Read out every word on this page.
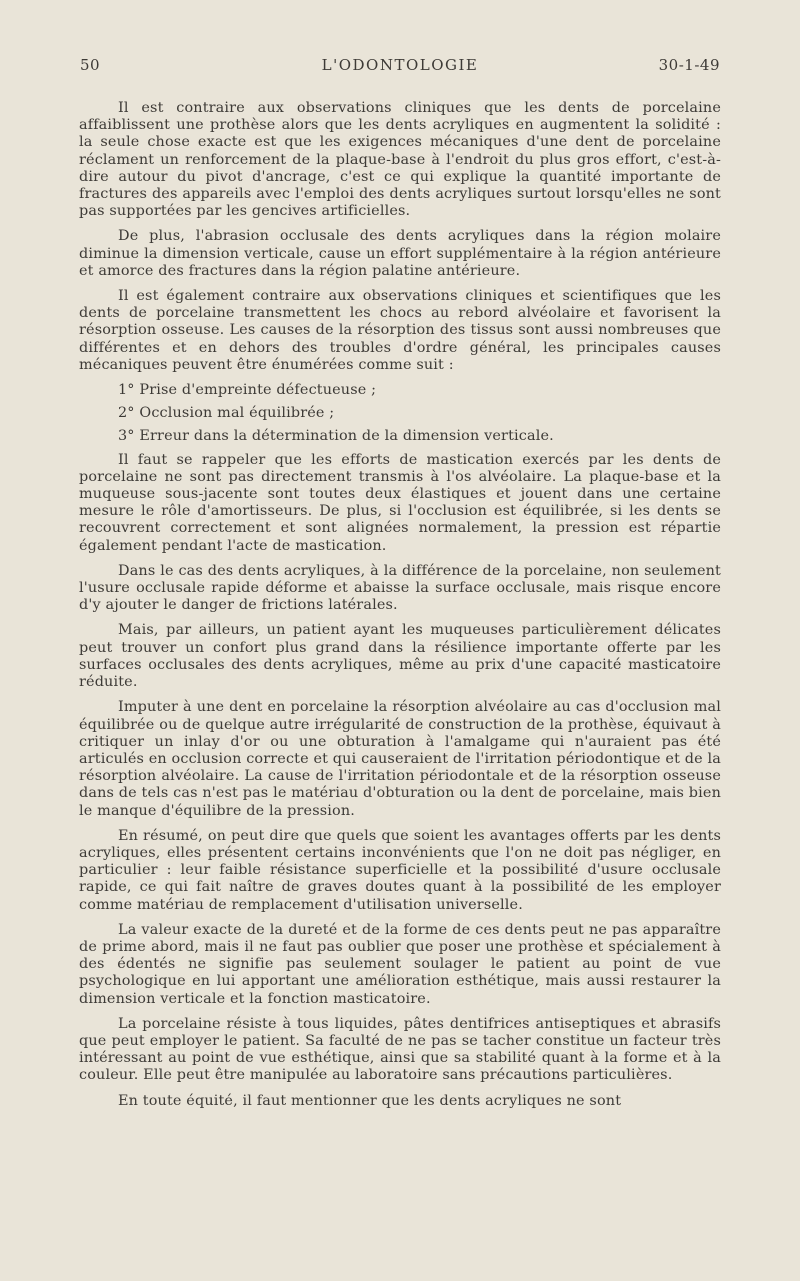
50	L'ODONTOLOGIE	30-1-49

Il est contraire aux observations cliniques que les dents de porcelaine affaiblissent une prothèse alors que les dents acryliques en augmentent la solidité : la seule chose exacte est que les exigences mécaniques d'une dent de porcelaine réclament un renforcement de la plaque-base à l'endroit du plus gros effort, c'est-à-dire autour du pivot d'ancrage, c'est ce qui explique la quantité importante de fractures des appareils avec l'emploi des dents acryliques surtout lorsqu'elles ne sont pas supportées par les gencives artificielles.

De plus, l'abrasion occlusale des dents acryliques dans la région molaire diminue la dimension verticale, cause un effort supplémentaire à la région antérieure et amorce des fractures dans la région palatine antérieure.

Il est également contraire aux observations cliniques et scientifiques que les dents de porcelaine transmettent les chocs au rebord alvéolaire et favorisent la résorption osseuse. Les causes de la résorption des tissus sont aussi nombreuses que différentes et en dehors des troubles d'ordre général, les principales causes mécaniques peuvent être énumérées comme suit :

1° Prise d'empreinte défectueuse ;

2° Occlusion mal équilibrée ;

3° Erreur dans la détermination de la dimension verticale.

Il faut se rappeler que les efforts de mastication exercés par les dents de porcelaine ne sont pas directement transmis à l'os alvéolaire. La plaque-base et la muqueuse sous-jacente sont toutes deux élastiques et jouent dans une certaine mesure le rôle d'amortisseurs. De plus, si l'occlusion est équilibrée, si les dents se recouvrent correctement et sont alignées normalement, la pression est répartie également pendant l'acte de mastication.

Dans le cas des dents acryliques, à la différence de la porcelaine, non seulement l'usure occlusale rapide déforme et abaisse la surface occlusale, mais risque encore d'y ajouter le danger de frictions latérales.

Mais, par ailleurs, un patient ayant les muqueuses particulièrement délicates peut trouver un confort plus grand dans la résilience importante offerte par les surfaces occlusales des dents acryliques, même au prix d'une capacité masticatoire réduite.

Imputer à une dent en porcelaine la résorption alvéolaire au cas d'occlusion mal équilibrée ou de quelque autre irrégularité de construction de la prothèse, équivaut à critiquer un inlay d'or ou une obturation à l'amalgame qui n'auraient pas été articulés en occlusion correcte et qui causeraient de l'irritation périodontique et de la résorption alvéolaire. La cause de l'irritation périodontale et de la résorption osseuse dans de tels cas n'est pas le matériau d'obturation ou la dent de porcelaine, mais bien le manque d'équilibre de la pression.

En résumé, on peut dire que quels que soient les avantages offerts par les dents acryliques, elles présentent certains inconvénients que l'on ne doit pas négliger, en particulier : leur faible résistance superficielle et la possibilité d'usure occlusale rapide, ce qui fait naître de graves doutes quant à la possibilité de les employer comme matériau de remplacement d'utilisation universelle.

La valeur exacte de la dureté et de la forme de ces dents peut ne pas apparaître de prime abord, mais il ne faut pas oublier que poser une prothèse et spécialement à des édentés ne signifie pas seulement soulager le patient au point de vue psychologique en lui apportant une amélioration esthétique, mais aussi restaurer la dimension verticale et la fonction masticatoire.

La porcelaine résiste à tous liquides, pâtes dentifrices antiseptiques et abrasifs que peut employer le patient. Sa faculté de ne pas se tacher constitue un facteur très intéressant au point de vue esthétique, ainsi que sa stabilité quant à la forme et à la couleur. Elle peut être manipulée au laboratoire sans précautions particulières.

En toute équité, il faut mentionner que les dents acryliques ne sont
